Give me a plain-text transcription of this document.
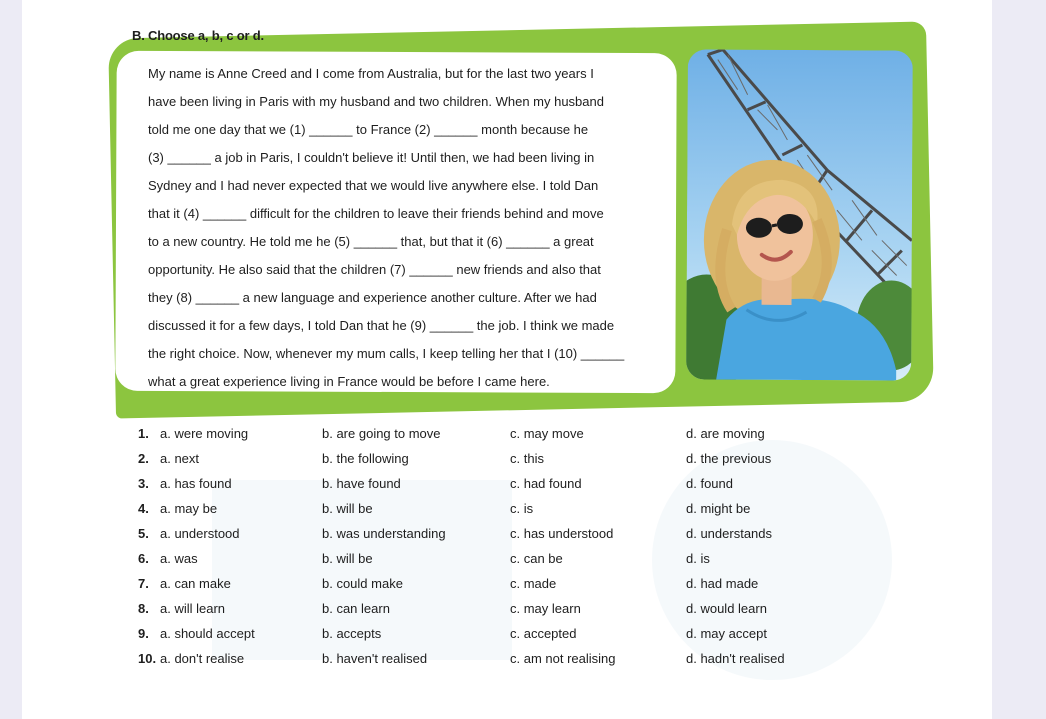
B. Choose a, b, c or d.
My name is Anne Creed and I come from Australia, but for the last two years I
have been living in Paris with my husband and two children. When my husband
told me one day that we (1) ______ to France (2) ______ month because he
(3) ______ a job in Paris, I couldn't believe it! Until then, we had been living in
Sydney and I had never expected that we would live anywhere else. I told Dan
that it (4) ______ difficult for the children to leave their friends behind and move
to a new country. He told me he (5) ______ that, but that it (6) ______ a great
opportunity. He also said that the children (7) ______ new friends and also that
they (8) ______ a new language and experience another culture. After we had
discussed it for a few days, I told Dan that he (9) ______ the job. I think we made
the right choice. Now, whenever my mum calls, I keep telling her that I (10) ______
what a great experience living in France would be before I came here.
1. a. were moving	b. are going to move	c. may move	d. are moving
2. a. next	b. the following	c. this	d. the previous
3. a. has found	b. have found	c. had found	d. found
4. a. may be	b. will be	c. is	d. might be
5. a. understood	b. was understanding	c. has understood	d. understands
6. a. was	b. will be	c. can be	d. is
7. a. can make	b. could make	c. made	d. had made
8. a. will learn	b. can learn	c. may learn	d. would learn
9. a. should accept	b. accepts	c. accepted	d. may accept
10. a. don't realise	b. haven't realised	c. am not realising	d. hadn't realised
